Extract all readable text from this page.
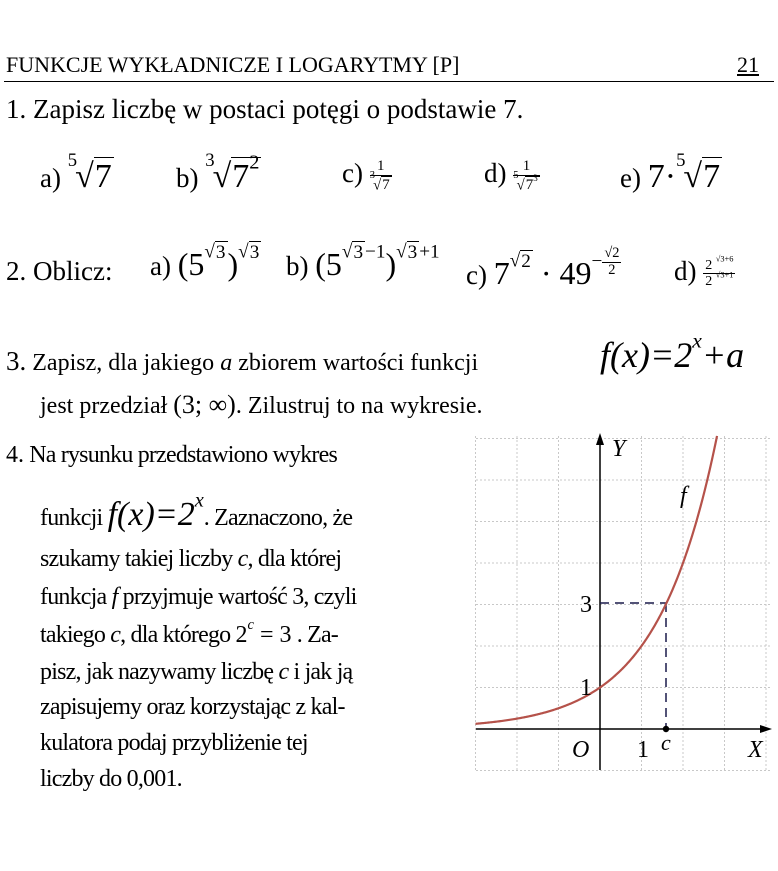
FUNKCJE WYKŁADNICZE I LOGARYTMY [P]	21
1. Zapisz liczbę w postaci potęgi o podstawie 7.
a) $^5$√7 b) $^3√7^2$	$c) \frac{1}{^3√7}$	$d) \frac{1}{^5√7^3}$	e) 7·$^5$√7
2. Oblicz: a) $(5^{√3})^{√3}$ b) $(5^{√3 -1})^{√3 +1}$
c) $7^{√2} \cdot 49^{- \frac{√2}{2}}$ $d) \frac{2 ^{√3+6}}{2 ^{√3+1}}$
3. Zapisz, dla jakiego a zbiorem wartości funkcji	$f(x)=2^x+a$
jest przedział (3; ∞). Zilustruj to na wykresie.
4. Na rysunku przedstawiono wykres
funkcji $f(x)=2^x$. Zaznaczono, że
szukamy takiej liczby c, dla której
funkcja f przyjmuje wartość 3, czyli
takiego c, dla którego $2^c = 3$ . Za-
pisz, jak nazywamy liczbę c i jak ją
zapisujemy oraz korzystając z kal-
kulatora podaj przybliżenie tej
liczby do 0,001.
Y
X
O 1 c
1
3
f
